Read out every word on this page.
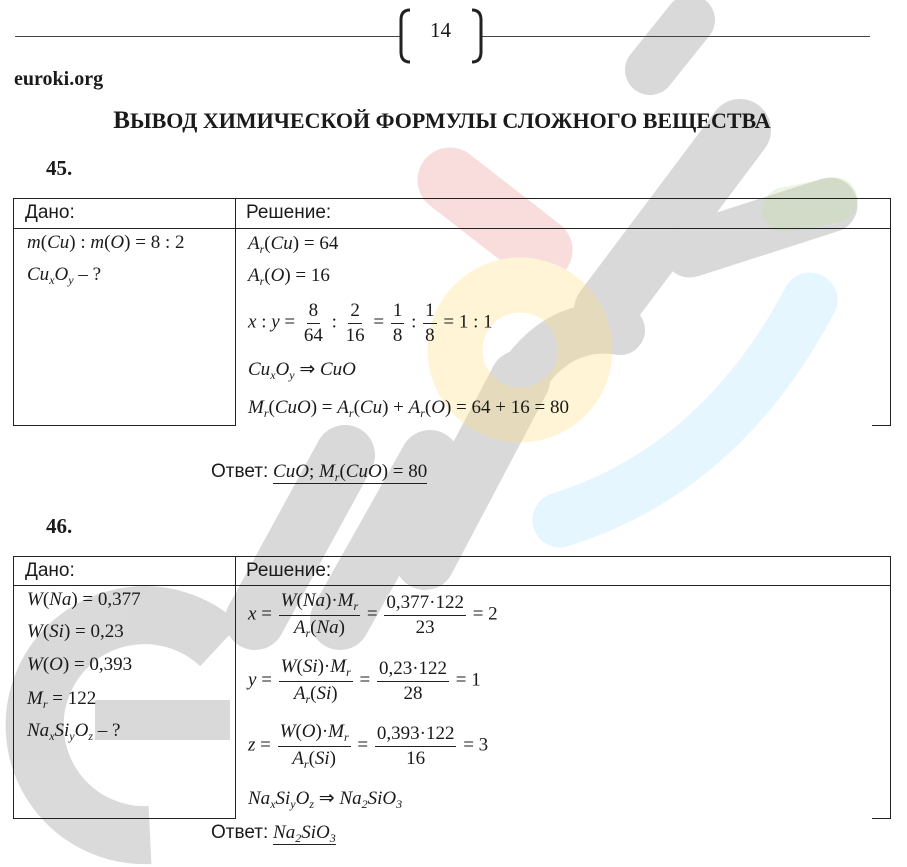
14
euroki.org
ВЫВОД ХИМИЧЕСКОЙ ФОРМУЛЫ СЛОЖНОГО ВЕЩЕСТВА
45.
Дано:	Решение:
m(Cu) : m(O) = 8 : 2
$Cu_xO_y$ – ?
$A_r(Cu) = 64$
$A_r(O) = 16$
x : $y = \frac{8}{64}$ : $\frac{2}{16} = \frac{1}{8}$ : $\frac{1}{8} = 1$ : 1
$Cu_xO_y$ ⇒ CuO
$M_r(CuO) = A_r(Cu) + A_r(O) = 64 + 16 = 80$
Ответ: CuO; $M_r(CuO) = 80$
46.
Дано:	Решение:
W(Na) = 0,377
W(Si) = 0,23
W(O) = 0,393
$M_r = 122$
$Na_xSi_yO_z$ – ?
$x = \frac{W(Na)\cdot M_r}{A_r(Na)} = \frac{0,377\cdot 122}{23} = 2$
$y = \frac{W(Si)\cdot M_r}{A_r(Si)} = \frac{0,23\cdot 122}{28} = 1$
$z = \frac{W(O)\cdot M_r}{A_r(Si)} = \frac{0,393\cdot 122}{16} = 3$
$Na_xSi_yO_z$ ⇒ $Na_2SiO_3$
Ответ: $Na_2SiO_3$
